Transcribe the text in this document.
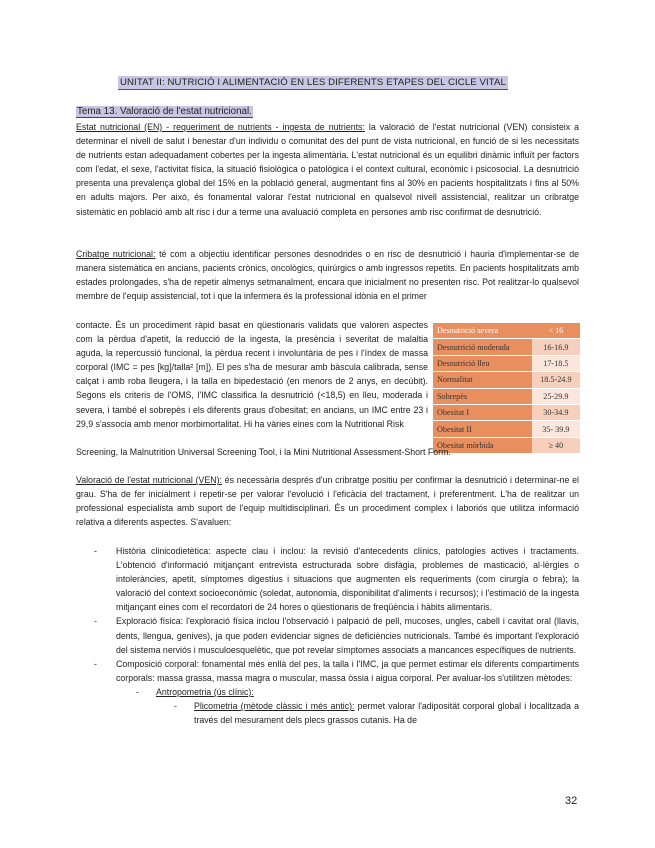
UNITAT II: NUTRICIÓ I ALIMENTACIÓ EN LES DIFERENTS ETAPES DEL CICLE VITAL
Tema 13. Valoració de l'estat nutricional.
Estat nutricional (EN) - requeriment de nutrients - ingesta de nutrients: la valoració de l'estat nutricional (VEN) consisteix a determinar el nivell de salut i benestar d'un individu o comunitat des del punt de vista nutricional, en funció de si les necessitats de nutrients estan adequadament cobertes per la ingesta alimentària. L'estat nutricional és un equilibri dinàmic influït per factors com l'edat, el sexe, l'activitat física, la situació fisiològica o patològica i el context cultural, econòmic i psicosocial. La desnutrició presenta una prevalença global del 15% en la població general, augmentant fins al 30% en pacients hospitalitzats i fins al 50% en adults majors. Per això, és fonamental valorar l'estat nutricional en qualsevol nivell assistencial, realitzar un cribratge sistemàtic en població amb alt risc i dur a terme una avaluació completa en persones amb risc confirmat de desnutrició.
Cribatge nutricional: té com a objectiu identificar persones desnodrides o en risc de desnutrició i hauria d'implementar-se de manera sistemàtica en ancians, pacients crònics, oncològics, quirúrgics o amb ingressos repetits. En pacients hospitalitzats amb estades prolongades, s'ha de repetir almenys setmanalment, encara que inicialment no presenten risc. Pot realitzar-lo qualsevol membre de l'equip assistencial, tot i que la infermera és la professional idònia en el primer
contacte. És un procediment ràpid basat en qüestionaris validats que valoren aspectes com la pèrdua d'apetit, la reducció de la ingesta, la presència i severitat de malaltia aguda, la repercussió funcional, la pèrdua recent i involuntària de pes i l'índex de massa corporal (IMC = pes [kg]/talla² [m]). El pes s'ha de mesurar amb bàscula calibrada, sense calçat i amb roba lleugera, i la talla en bipedestació (en menors de 2 anys, en decúbit). Segons els criteris de l'OMS, l'IMC classifica la desnutrició (<18,5) en lleu, moderada i severa, i també el sobrepès i els diferents graus d'obesitat; en ancians, un IMC entre 23 i 29,9 s'associa amb menor morbimortalitat. Hi ha vàries eines com la Nutritional Risk
Desnutrició severa	< 16
Desnutrició moderada	16-16.9
Desnutrició lleu	17-18.5
Normalitat	18.5-24.9
Sobrepès	25-29.9
Obesitat I	30-34.9
Obesitat II	35- 39.9
Obesitat mòrbida	≥ 40
Screening, la Malnutrition Universal Screening Tool, i la Mini Nutritional Assessment-Short Form.
Valoració de l'estat nutricional (VEN): és necessària després d'un cribratge positiu per confirmar la desnutrició i determinar-ne el grau. S'ha de fer inicialment i repetir-se per valorar l'evolució i l'eficàcia del tractament, i preferentment. L'ha de realitzar un professional especialista amb suport de l'equip multidisciplinari. És un procediment complex i laboriós que utilitza informació relativa a diferents aspectes. S'avaluen:
- Història clinicodietètica: aspecte clau i inclou: la revisió d'antecedents clínics, patologies actives i tractaments. L'obtenció d'informació mitjançant entrevista estructurada sobre disfàgia, problemes de masticació, al·lèrgies o intoleràncies, apetit, símptomes digestius i situacions que augmenten els requeriments (com cirurgia o febra); la valoració del context socioeconòmic (soledat, autonomia, disponibilitat d'aliments i recursos); i l'estimació de la ingesta mitjançant eines com el recordatori de 24 hores o qüestionaris de freqüència i hàbits alimentaris.
- Exploració física: l'exploració física inclou l'observació i palpació de pell, mucoses, ungles, cabell i cavitat oral (llavis, dents, llengua, genives), ja que poden evidenciar signes de deficiències nutricionals. També és important l'exploració del sistema nerviós i musculoesquelètic, que pot revelar símptomes associats a mancances específiques de nutrients.
- Composició corporal: fonamental més enllà del pes, la talla i l'IMC, ja que permet estimar els diferents compartiments corporals: massa grassa, massa magra o muscular, massa òssia i aigua corporal. Per avaluar-los s'utilitzen mètodes:
- Antropometria (ús clínic):
- Plicometria (mètode clàssic i més antic): permet valorar l'adiposität corporal global i localitzada a través del mesurament dels plecs grassos cutanis. Ha de
32
